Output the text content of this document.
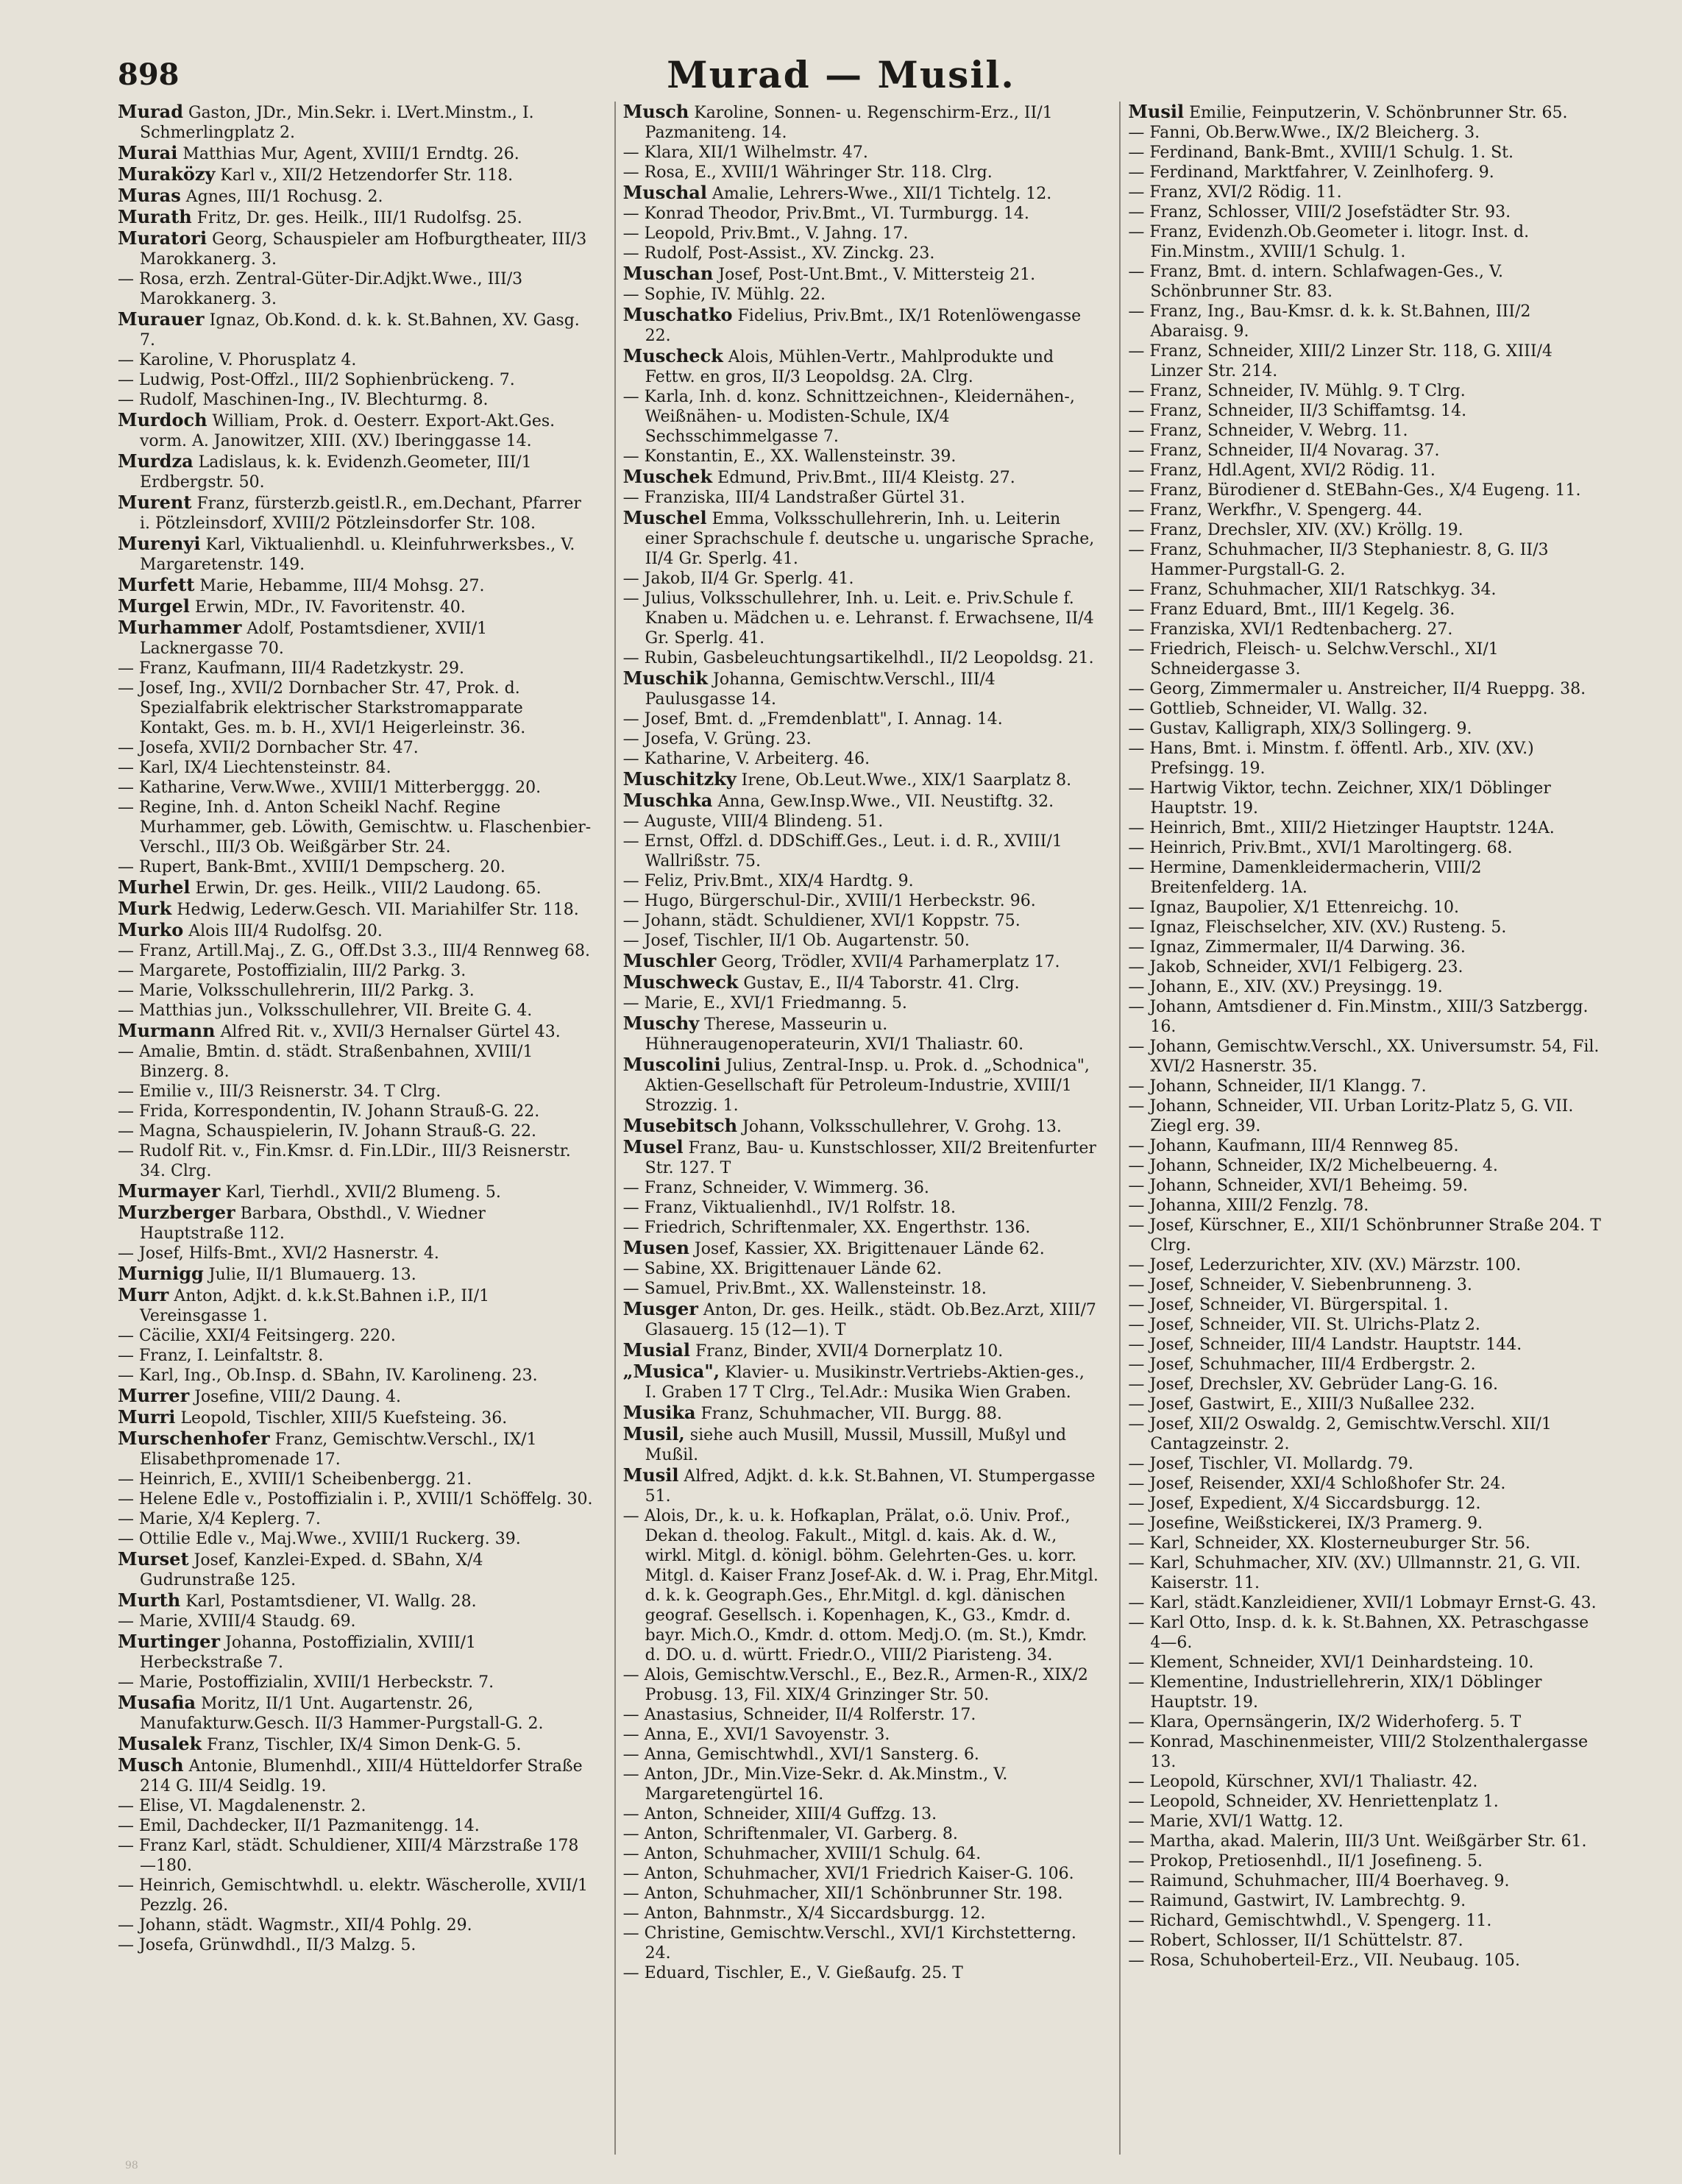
898	Murad — Musil.

Murad Gaston, JDr., Min.Sekr. i. LVert.Minstm., I. Schmerlingplatz 2.

Murai Matthias Mur, Agent, XVIII/1 Erndtg. 26.

Muraközy Karl v., XII/2 Hetzendorfer Str. 118.

Muras Agnes, III/1 Rochusg. 2.

Murath Fritz, Dr. ges. Heilk., III/1 Rudolfsg. 25.

Muratori Georg, Schauspieler am Hofburgtheater, III/3 Marokkanerg. 3.

— Rosa, erzh. Zentral-Güter-Dir.Adjkt.Wwe., III/3 Marokkanerg. 3.

Murauer Ignaz, Ob.Kond. d. k. k. St.Bahnen, XV. Gasg. 7.

— Karoline, V. Phorusplatz 4.

— Ludwig, Post-Offzl., III/2 Sophienbrückeng. 7.

— Rudolf, Maschinen-Ing., IV. Blechturmg. 8.

Murdoch William, Prok. d. Oesterr. Export-Akt.Ges. vorm. A. Janowitzer, XIII. (XV.) Iberinggasse 14.

Murdza Ladislaus, k. k. Evidenzh.Geometer, III/1 Erdbergstr. 50.

Murent Franz, fürsterzb.geistl.R., em.Dechant, Pfarrer i. Pötzleinsdorf, XVIII/2 Pötzleinsdorfer Str. 108.

Murenyi Karl, Viktualienhdl. u. Kleinfuhrwerksbes., V. Margaretenstr. 149.

Murfett Marie, Hebamme, III/4 Mohsg. 27.

Murgel Erwin, MDr., IV. Favoritenstr. 40.

Murhammer Adolf, Postamtsdiener, XVII/1 Lacknergasse 70.

— Franz, Kaufmann, III/4 Radetzkystr. 29.

— Josef, Ing., XVII/2 Dornbacher Str. 47, Prok. d. Spezialfabrik elektrischer Starkstromapparate Kontakt, Ges. m. b. H., XVI/1 Heigerleinstr. 36.

— Josefa, XVII/2 Dornbacher Str. 47.

— Karl, IX/4 Liechtensteinstr. 84.

— Katharine, Verw.Wwe., XVIII/1 Mitterberggg. 20.

— Regine, Inh. d. Anton Scheikl Nachf. Regine Murhammer, geb. Löwith, Gemischtw. u. Flaschenbier-Verschl., III/3 Ob. Weißgärber Str. 24.

— Rupert, Bank-Bmt., XVIII/1 Dempscherg. 20.

Murhel Erwin, Dr. ges. Heilk., VIII/2 Laudong. 65.

Murk Hedwig, Lederw.Gesch. VII. Mariahilfer Str. 118.

Murko Alois III/4 Rudolfsg. 20.

— Franz, Artill.Maj., Z. G., Off.Dst 3.3., III/4 Rennweg 68.

— Margarete, Postoffizialin, III/2 Parkg. 3.

— Marie, Volksschullehrerin, III/2 Parkg. 3.

— Matthias jun., Volksschullehrer, VII. Breite G. 4.

Murmann Alfred Rit. v., XVII/3 Hernalser Gürtel 43.

— Amalie, Bmtin. d. städt. Straßenbahnen, XVIII/1 Binzerg. 8.

— Emilie v., III/3 Reisnerstr. 34. T Clrg.

— Frida, Korrespondentin, IV. Johann Strauß-G. 22.

— Magna, Schauspielerin, IV. Johann Strauß-G. 22.

— Rudolf Rit. v., Fin.Kmsr. d. Fin.LDir., III/3 Reisnerstr. 34. Clrg.

Murmayer Karl, Tierhdl., XVII/2 Blumeng. 5.

Murzberger Barbara, Obsthdl., V. Wiedner Hauptstraße 112.

— Josef, Hilfs-Bmt., XVI/2 Hasnerstr. 4.

Murnigg Julie, II/1 Blumauerg. 13.

Murr Anton, Adjkt. d. k.k.St.Bahnen i.P., II/1 Vereinsgasse 1.

— Cäcilie, XXI/4 Feitsingerg. 220.

— Franz, I. Leinfaltstr. 8.

— Karl, Ing., Ob.Insp. d. SBahn, IV. Karolineng. 23.

Murrer Josefine, VIII/2 Daung. 4.

Murri Leopold, Tischler, XIII/5 Kuefsteing. 36.

Murschenhofer Franz, Gemischtw.Verschl., IX/1 Elisabethpromenade 17.

— Heinrich, E., XVIII/1 Scheibenbergg. 21.

— Helene Edle v., Postoffizialin i. P., XVIII/1 Schöffelg. 30.

— Marie, X/4 Keplerg. 7.

— Ottilie Edle v., Maj.Wwe., XVIII/1 Ruckerg. 39.

Murset Josef, Kanzlei-Exped. d. SBahn, X/4 Gudrunstraße 125.

Murth Karl, Postamtsdiener, VI. Wallg. 28.

— Marie, XVIII/4 Staudg. 69.

Murtinger Johanna, Postoffizialin, XVIII/1 Herbeckstraße 7.

— Marie, Postoffizialin, XVIII/1 Herbeckstr. 7.

Musafia Moritz, II/1 Unt. Augartenstr. 26, Manufakturw.Gesch. II/3 Hammer-Purgstall-G. 2.

Musalek Franz, Tischler, IX/4 Simon Denk-G. 5.

Musch Antonie, Blumenhdl., XIII/4 Hütteldorfer Straße 214 G. III/4 Seidlg. 19.

— Elise, VI. Magdalenenstr. 2.

— Emil, Dachdecker, II/1 Pazmanitengg. 14.

— Franz Karl, städt. Schuldiener, XIII/4 Märzstraße 178—180.

— Heinrich, Gemischtwhdl. u. elektr. Wäscherolle, XVII/1 Pezzlg. 26.

— Johann, städt. Wagmstr., XII/4 Pohlg. 29.

— Josefa, Grünwdhdl., II/3 Malzg. 5.

Musch Karoline, Sonnen- u. Regenschirm-Erz., II/1 Pazmaniteng. 14.

— Klara, XII/1 Wilhelmstr. 47.

— Rosa, E., XVIII/1 Währinger Str. 118. Clrg.

Muschal Amalie, Lehrers-Wwe., XII/1 Tichtelg. 12.

— Konrad Theodor, Priv.Bmt., VI. Turmburgg. 14.

— Leopold, Priv.Bmt., V. Jahng. 17.

— Rudolf, Post-Assist., XV. Zinckg. 23.

Muschan Josef, Post-Unt.Bmt., V. Mittersteig 21.

— Sophie, IV. Mühlg. 22.

Muschatko Fidelius, Priv.Bmt., IX/1 Rotenlöwengasse 22.

Muscheck Alois, Mühlen-Vertr., Mahlprodukte und Fettw. en gros, II/3 Leopoldsg. 2A. Clrg.

— Karla, Inh. d. konz. Schnittzeichnen-, Kleidernähen-, Weißnähen- u. Modisten-Schule, IX/4 Sechsschimmelgasse 7.

— Konstantin, E., XX. Wallensteinstr. 39.

Muschek Edmund, Priv.Bmt., III/4 Kleistg. 27.

— Franziska, III/4 Landstraßer Gürtel 31.

Muschel Emma, Volksschullehrerin, Inh. u. Leiterin einer Sprachschule f. deutsche u. ungarische Sprache, II/4 Gr. Sperlg. 41.

— Jakob, II/4 Gr. Sperlg. 41.

— Julius, Volksschullehrer, Inh. u. Leit. e. Priv.Schule f. Knaben u. Mädchen u. e. Lehranst. f. Erwachsene, II/4 Gr. Sperlg. 41.

— Rubin, Gasbeleuchtungsartikelhdl., II/2 Leopoldsg. 21.

Muschik Johanna, Gemischtw.Verschl., III/4 Paulusgasse 14.

— Josef, Bmt. d. „Fremdenblatt", I. Annag. 14.

— Josefa, V. Grüng. 23.

— Katharine, V. Arbeiterg. 46.

Muschitzky Irene, Ob.Leut.Wwe., XIX/1 Saarplatz 8.

Muschka Anna, Gew.Insp.Wwe., VII. Neustiftg. 32.

— Auguste, VIII/4 Blindeng. 51.

— Ernst, Offzl. d. DDSchiff.Ges., Leut. i. d. R., XVIII/1 Wallrißstr. 75.

— Feliz, Priv.Bmt., XIX/4 Hardtg. 9.

— Hugo, Bürgerschul-Dir., XVIII/1 Herbeckstr. 96.

— Johann, städt. Schuldiener, XVI/1 Koppstr. 75.

— Josef, Tischler, II/1 Ob. Augartenstr. 50.

Muschler Georg, Trödler, XVII/4 Parhamerplatz 17.

Muschweck Gustav, E., II/4 Taborstr. 41. Clrg.

— Marie, E., XVI/1 Friedmanng. 5.

Muschy Therese, Masseurin u. Hühneraugenoperateurin, XVI/1 Thaliastr. 60.

Muscolini Julius, Zentral-Insp. u. Prok. d. „Schodnica", Aktien-Gesellschaft für Petroleum-Industrie, XVIII/1 Strozzig. 1.

Musebitsch Johann, Volksschullehrer, V. Grohg. 13.

Musel Franz, Bau- u. Kunstschlosser, XII/2 Breitenfurter Str. 127. T

— Franz, Schneider, V. Wimmerg. 36.

— Franz, Viktualienhdl., IV/1 Rolfstr. 18.

— Friedrich, Schriftenmaler, XX. Engerthstr. 136.

Musen Josef, Kassier, XX. Brigittenauer Lände 62.

— Sabine, XX. Brigittenauer Lände 62.

— Samuel, Priv.Bmt., XX. Wallensteinstr. 18.

Musger Anton, Dr. ges. Heilk., städt. Ob.Bez.Arzt, XIII/7 Glasauerg. 15 (12—1). T

Musial Franz, Binder, XVII/4 Dornerplatz 10.

„Musica", Klavier- u. Musikinstr.Vertriebs-Aktien-ges., I. Graben 17 T Clrg., Tel.Adr.: Musika Wien Graben.

Musika Franz, Schuhmacher, VII. Burgg. 88.

Musil, siehe auch Musill, Mussil, Mussill, Mußyl und Mußil.

Musil Alfred, Adjkt. d. k.k. St.Bahnen, VI. Stumpergasse 51.

— Alois, Dr., k. u. k. Hofkaplan, Prälat, o.ö. Univ. Prof., Dekan d. theolog. Fakult., Mitgl. d. kais. Ak. d. W., wirkl. Mitgl. d. königl. böhm. Gelehrten-Ges. u. korr. Mitgl. d. Kaiser Franz Josef-Ak. d. W. i. Prag, Ehr.Mitgl. d. k. k. Geograph.Ges., Ehr.Mitgl. d. kgl. dänischen geograf. Gesellsch. i. Kopenhagen, K., G3., Kmdr. d. bayr. Mich.O., Kmdr. d. ottom. Medj.O. (m. St.), Kmdr. d. DO. u. d. württ. Friedr.O., VIII/2 Piaristeng. 34.

— Alois, Gemischtw.Verschl., E., Bez.R., Armen-R., XIX/2 Probusg. 13, Fil. XIX/4 Grinzinger Str. 50.

— Anastasius, Schneider, II/4 Rolferstr. 17.

— Anna, E., XVI/1 Savoyenstr. 3.

— Anna, Gemischtwhdl., XVI/1 Sansterg. 6.

— Anton, JDr., Min.Vize-Sekr. d. Ak.Minstm., V. Margaretengürtel 16.

— Anton, Schneider, XIII/4 Guffzg. 13.

— Anton, Schriftenmaler, VI. Garberg. 8.

— Anton, Schuhmacher, XVIII/1 Schulg. 64.

— Anton, Schuhmacher, XVI/1 Friedrich Kaiser-G. 106.

— Anton, Schuhmacher, XII/1 Schönbrunner Str. 198.

— Anton, Bahnmstr., X/4 Siccardsburgg. 12.

— Christine, Gemischtw.Verschl., XVI/1 Kirchstetterng. 24.

— Eduard, Tischler, E., V. Gießaufg. 25. T

Musil Emilie, Feinputzerin, V. Schönbrunner Str. 65.

— Fanni, Ob.Berw.Wwe., IX/2 Bleicherg. 3.

— Ferdinand, Bank-Bmt., XVIII/1 Schulg. 1. St.

— Ferdinand, Marktfahrer, V. Zeinlhoferg. 9.

— Franz, XVI/2 Rödig. 11.

— Franz, Schlosser, VIII/2 Josefstädter Str. 93.

— Franz, Evidenzh.Ob.Geometer i. litogr. Inst. d. Fin.Minstm., XVIII/1 Schulg. 1.

— Franz, Bmt. d. intern. Schlafwagen-Ges., V. Schönbrunner Str. 83.

— Franz, Ing., Bau-Kmsr. d. k. k. St.Bahnen, III/2 Abaraisg. 9.

— Franz, Schneider, XIII/2 Linzer Str. 118, G. XIII/4 Linzer Str. 214.

— Franz, Schneider, IV. Mühlg. 9. T Clrg.

— Franz, Schneider, II/3 Schiffamtsg. 14.

— Franz, Schneider, V. Webrg. 11.

— Franz, Schneider, II/4 Novarag. 37.

— Franz, Hdl.Agent, XVI/2 Rödig. 11.

— Franz, Bürodiener d. StEBahn-Ges., X/4 Eugeng. 11.

— Franz, Werkfhr., V. Spengerg. 44.

— Franz, Drechsler, XIV. (XV.) Kröllg. 19.

— Franz, Schuhmacher, II/3 Stephaniestr. 8, G. II/3 Hammer-Purgstall-G. 2.

— Franz, Schuhmacher, XII/1 Ratschkyg. 34.

— Franz Eduard, Bmt., III/1 Kegelg. 36.

— Franziska, XVI/1 Redtenbacherg. 27.

— Friedrich, Fleisch- u. Selchw.Verschl., XI/1 Schneidergasse 3.

— Georg, Zimmermaler u. Anstreicher, II/4 Rueppg. 38.

— Gottlieb, Schneider, VI. Wallg. 32.

— Gustav, Kalligraph, XIX/3 Sollingerg. 9.

— Hans, Bmt. i. Minstm. f. öffentl. Arb., XIV. (XV.) Prefsingg. 19.

— Hartwig Viktor, techn. Zeichner, XIX/1 Döblinger Hauptstr. 19.

— Heinrich, Bmt., XIII/2 Hietzinger Hauptstr. 124A.

— Heinrich, Priv.Bmt., XVI/1 Maroltingerg. 68.

— Hermine, Damenkleidermacherin, VIII/2 Breitenfelderg. 1A.

— Ignaz, Baupolier, X/1 Ettenreichg. 10.

— Ignaz, Fleischselcher, XIV. (XV.) Rusteng. 5.

— Ignaz, Zimmermaler, II/4 Darwing. 36.

— Jakob, Schneider, XVI/1 Felbigerg. 23.

— Johann, E., XIV. (XV.) Preysingg. 19.

— Johann, Amtsdiener d. Fin.Minstm., XIII/3 Satzbergg. 16.

— Johann, Gemischtw.Verschl., XX. Universumstr. 54, Fil. XVI/2 Hasnerstr. 35.

— Johann, Schneider, II/1 Klangg. 7.

— Johann, Schneider, VII. Urban Loritz-Platz 5, G. VII. Ziegl erg. 39.

— Johann, Kaufmann, III/4 Rennweg 85.

— Johann, Schneider, IX/2 Michelbeuerng. 4.

— Johann, Schneider, XVI/1 Beheimg. 59.

— Johanna, XIII/2 Fenzlg. 78.

— Josef, Kürschner, E., XII/1 Schönbrunner Straße 204. T Clrg.

— Josef, Lederzurichter, XIV. (XV.) Märzstr. 100.

— Josef, Schneider, V. Siebenbrunneng. 3.

— Josef, Schneider, VI. Bürgerspital. 1.

— Josef, Schneider, VII. St. Ulrichs-Platz 2.

— Josef, Schneider, III/4 Landstr. Hauptstr. 144.

— Josef, Schuhmacher, III/4 Erdbergstr. 2.

— Josef, Drechsler, XV. Gebrüder Lang-G. 16.

— Josef, Gastwirt, E., XIII/3 Nußallee 232.

— Josef, XII/2 Oswaldg. 2, Gemischtw.Verschl. XII/1 Cantagzeinstr. 2.

— Josef, Tischler, VI. Mollardg. 79.

— Josef, Reisender, XXI/4 Schloßhofer Str. 24.

— Josef, Expedient, X/4 Siccardsburgg. 12.

— Josefine, Weißstickerei, IX/3 Pramerg. 9.

— Karl, Schneider, XX. Klosterneuburger Str. 56.

— Karl, Schuhmacher, XIV. (XV.) Ullmannstr. 21, G. VII. Kaiserstr. 11.

— Karl, städt.Kanzleidiener, XVII/1 Lobmayr Ernst-G. 43.

— Karl Otto, Insp. d. k. k. St.Bahnen, XX. Petraschgasse 4—6.

— Klement, Schneider, XVI/1 Deinhardsteing. 10.

— Klementine, Industriellehrerin, XIX/1 Döblinger Hauptstr. 19.

— Klara, Opernsängerin, IX/2 Widerhoferg. 5. T

— Konrad, Maschinenmeister, VIII/2 Stolzenthalergasse 13.

— Leopold, Kürschner, XVI/1 Thaliastr. 42.

— Leopold, Schneider, XV. Henriettenplatz 1.

— Marie, XVI/1 Wattg. 12.

— Martha, akad. Malerin, III/3 Unt. Weißgärber Str. 61.

— Prokop, Pretiosenhdl., II/1 Josefineng. 5.

— Raimund, Schuhmacher, III/4 Boerhaveg. 9.

— Raimund, Gastwirt, IV. Lambrechtg. 9.

— Richard, Gemischtwhdl., V. Spengerg. 11.

— Robert, Schlosser, II/1 Schüttelstr. 87.

— Rosa, Schuhoberteil-Erz., VII. Neubaug. 105.

98
